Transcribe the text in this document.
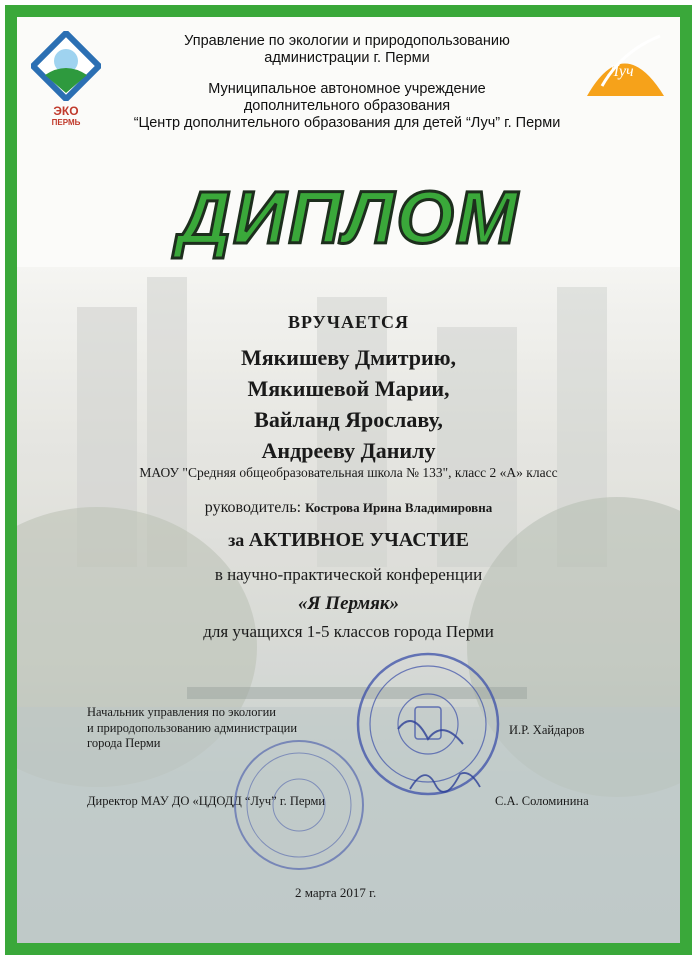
ЭКО
ПЕРМЬ
Луч
Управление по экологии и природопользованию
администрации г. Перми
Муниципальное автономное учреждение
дополнительного образования
“Центр дополнительного образования для детей “Луч” г. Перми
ДИПЛОМ
ВРУЧАЕТСЯ
Мякишеву Дмитрию,
Мякишевой Марии,
Вайланд Ярославу,
Андрееву Данилу
МАОУ "Средняя общеобразовательная школа № 133", класс 2 «А» класс
руководитель: Кострова Ирина Владимировна
за АКТИВНОЕ УЧАСТИЕ
в научно-практической конференции
«Я Пермяк»
для учащихся 1-5 классов города Перми
Начальник управления по экологии
и природопользованию администрации
города Перми
И.Р. Хайдаров
Директор МАУ ДО «ЦДОДД “Луч” г. Перми	С.А. Соломинина
2 марта 2017 г.
